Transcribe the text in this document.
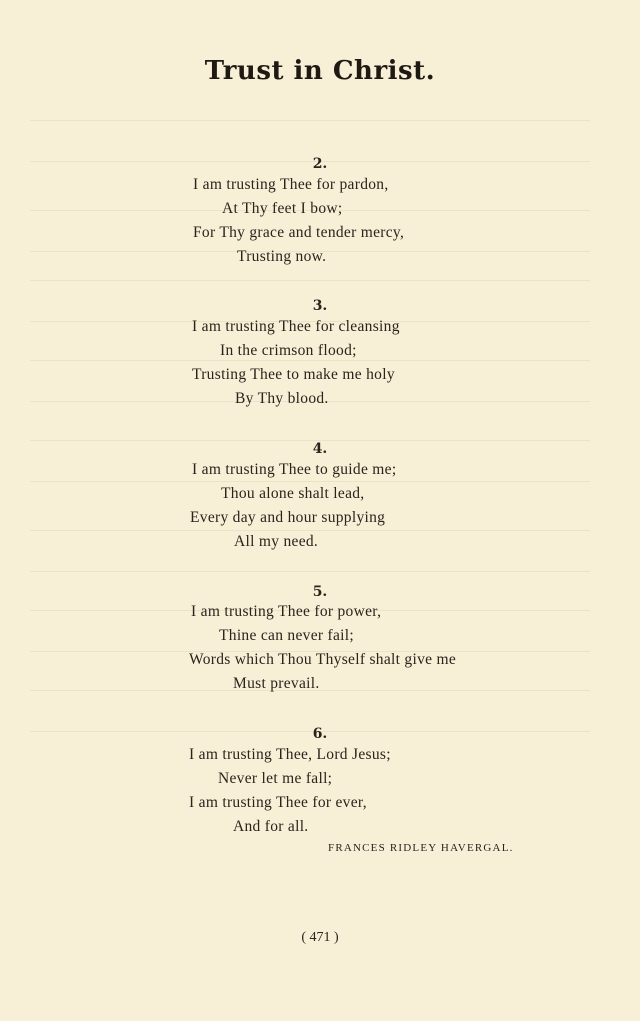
Trust in Christ.
2.
I am trusting Thee for pardon,
At Thy feet I bow;
For Thy grace and tender mercy,
Trusting now.
3.
I am trusting Thee for cleansing
In the crimson flood;
Trusting Thee to make me holy
By Thy blood.
4.
I am trusting Thee to guide me;
Thou alone shalt lead,
Every day and hour supplying
All my need.
5.
I am trusting Thee for power,
Thine can never fail;
Words which Thou Thyself shalt give me
Must prevail.
6.
I am trusting Thee, Lord Jesus;
Never let me fall;
I am trusting Thee for ever,
And for all.
FRANCES RIDLEY HAVERGAL.
( 471 )
